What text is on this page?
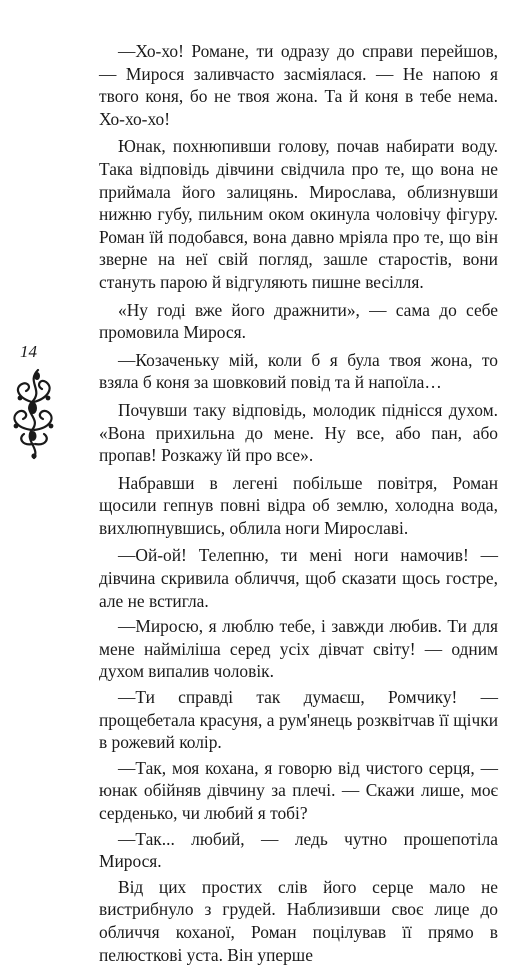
14

—Хо-хо! Романе, ти одразу до справи перейшов, — Мирося заливчасто засміялася. — Не напою я твого коня, бо не твоя жона. Та й коня в тебе нема. Хо-хо-хо!

Юнак, похнюпивши голову, почав набирати воду. Така відповідь дівчини свідчила про те, що вона не приймала його залицянь. Мирослава, облизнувши нижню губу, пильним оком окинула чоловічу фігуру. Роман їй подобався, вона давно мріяла про те, що він зверне на неї свій погляд, зашле старостів, вони стануть парою й відгуляють пишне весілля.

«Ну годі вже його дражнити», — сама до себе промовила Мирося.

—Козаченьку мій, коли б я була твоя жона, то взяла б коня за шовковий повід та й напоїла…

Почувши таку відповідь, молодик піднісся духом. «Вона прихильна до мене. Ну все, або пан, або пропав! Розкажу їй про все».

Набравши в легені побільше повітря, Роман щосили гепнув повні відра об землю, холодна вода, вихлюпнувшись, облила ноги Мирославі.

—Ой-ой! Телепню, ти мені ноги намочив! — дівчина скривила обличчя, щоб сказати щось гостре, але не встигла.

—Миросю, я люблю тебе, і завжди любив. Ти для мене найміліша серед усіх дівчат світу! — одним духом випалив чоловік.

—Ти справді так думаєш, Ромчику! — прощебетала красуня, а рум'янець розквітчав її щічки в рожевий колір.

—Так, моя кохана, я говорю від чистого серця, — юнак обійняв дівчину за плечі. — Скажи лише, моє серденько, чи любий я тобі?

—Так... любий, — ледь чутно прошепотіла Мирося.

Від цих простих слів його серце мало не вистрибнуло з грудей. Наблизивши своє лице до обличчя коханої, Роман поцілував її прямо в пелюсткові уста. Він уперше
